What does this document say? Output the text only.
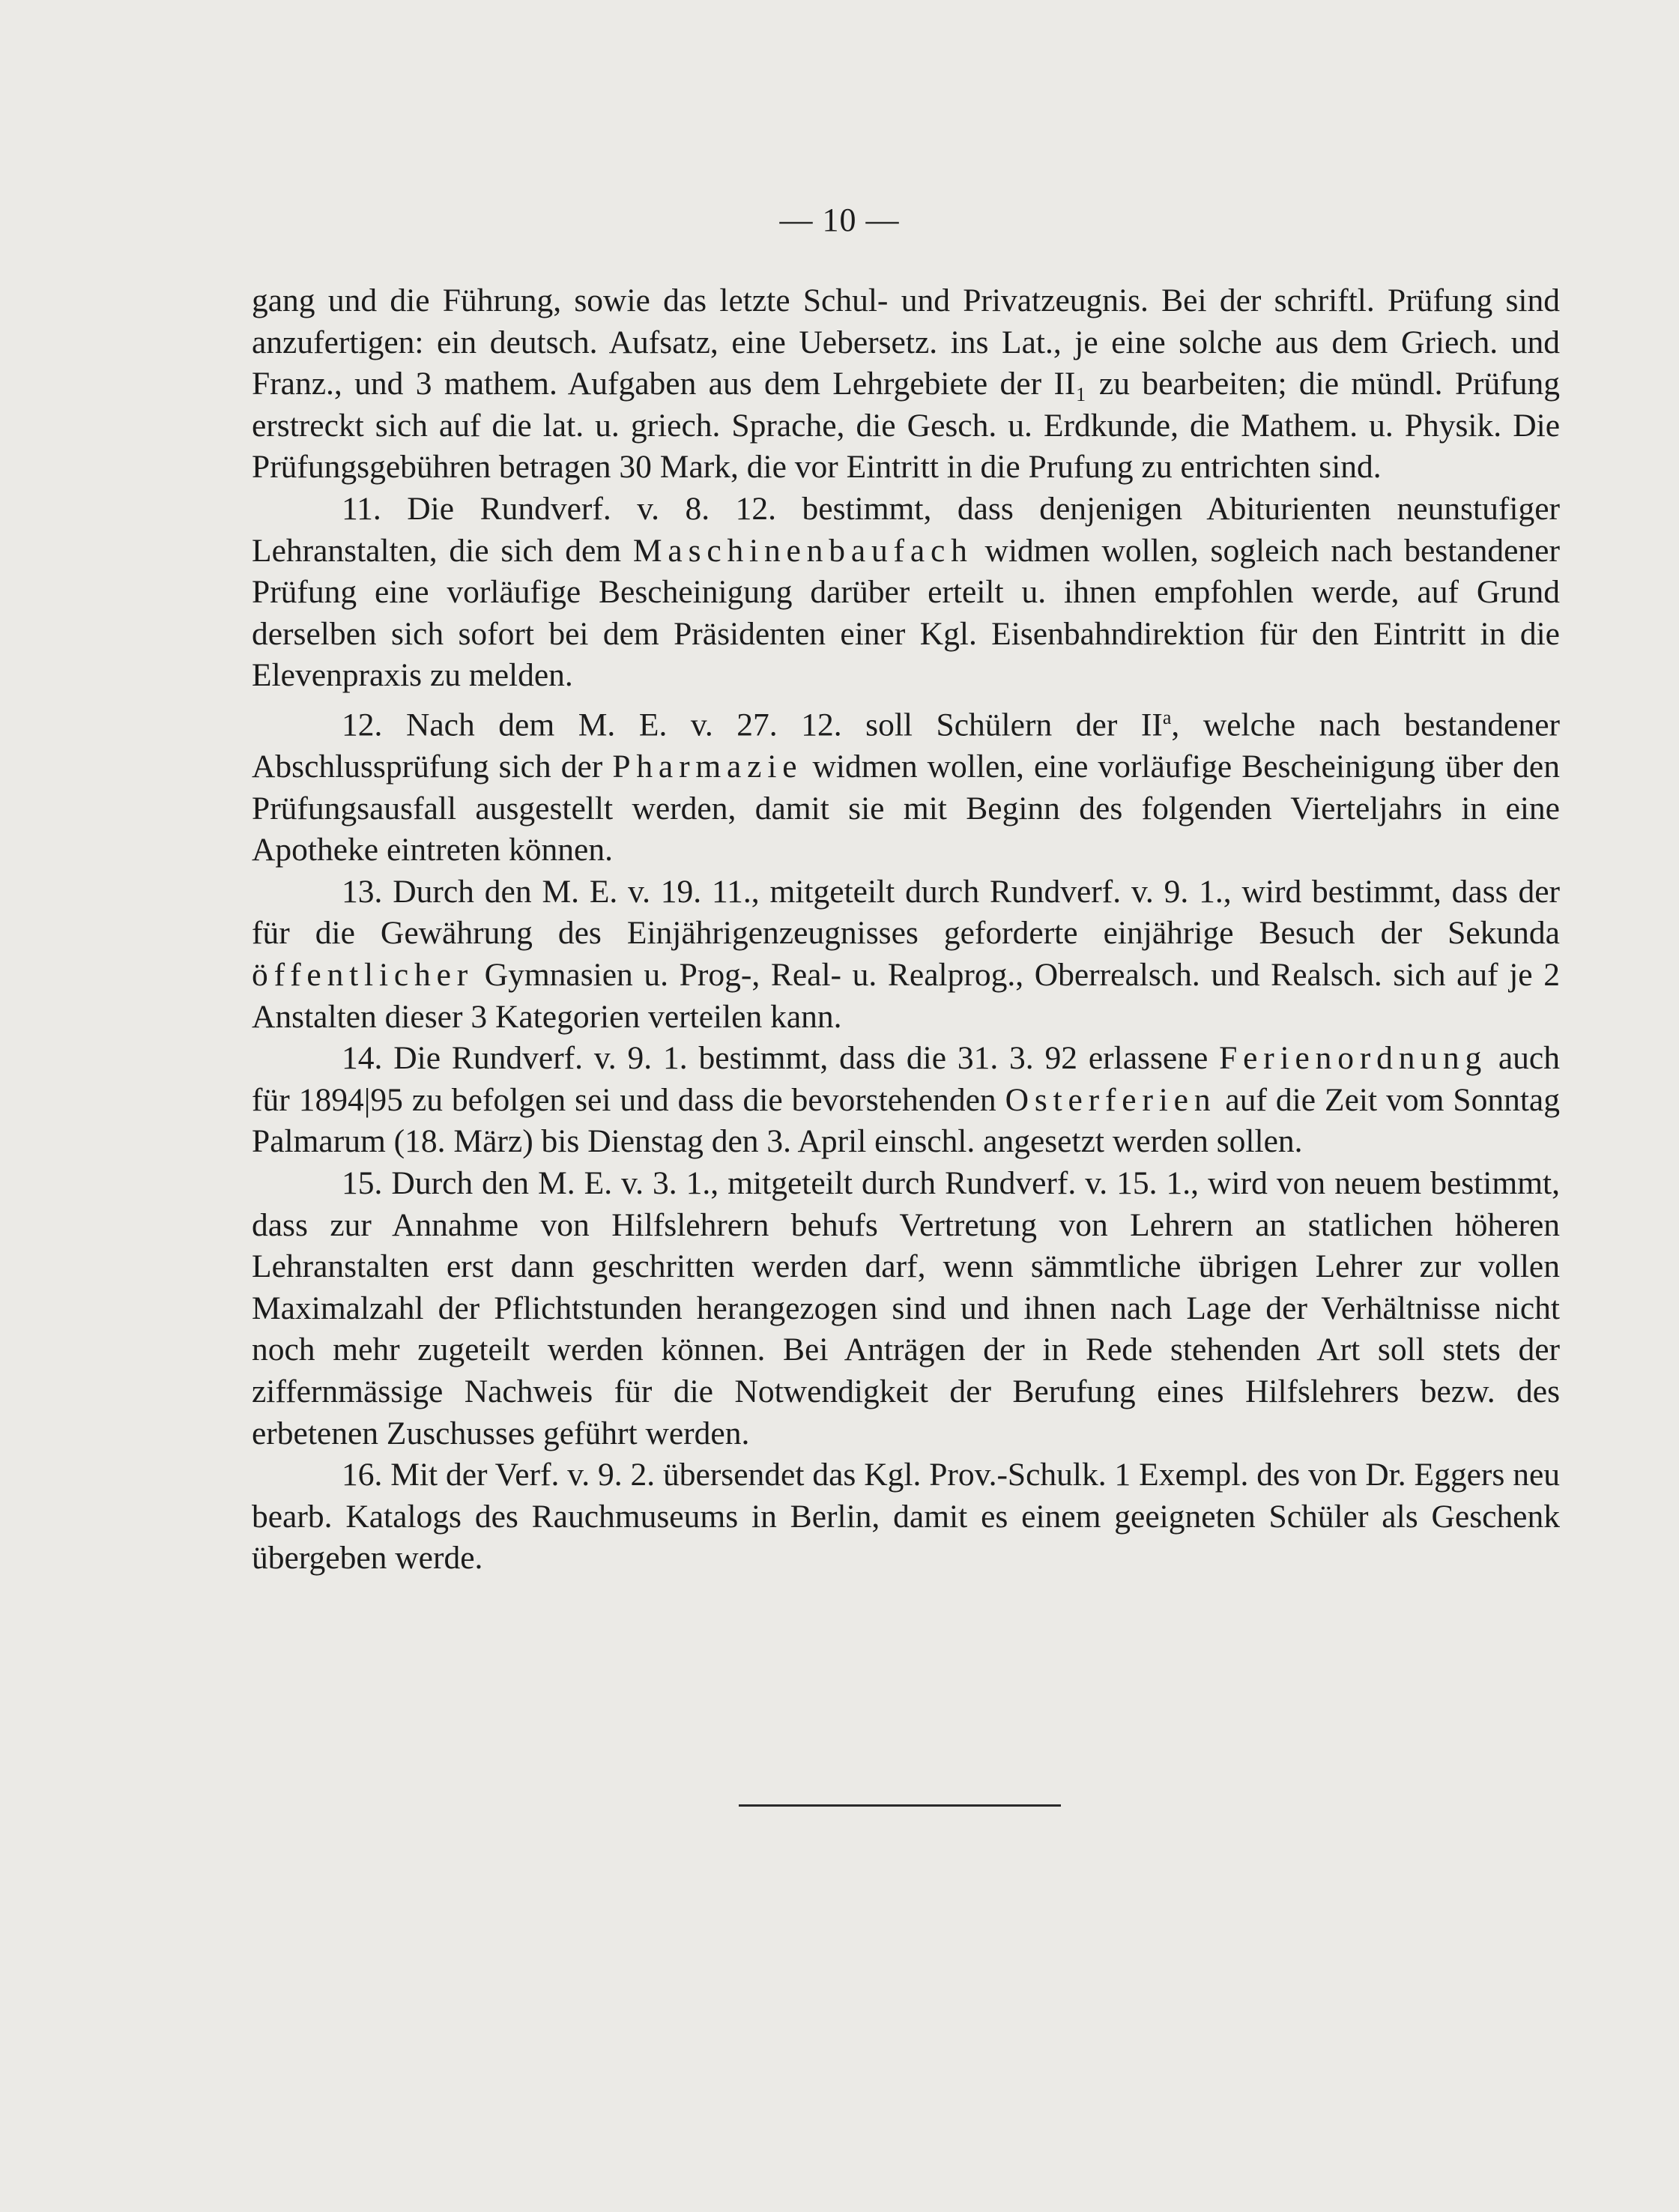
— 10 —

gang und die Führung, sowie das letzte Schul- und Privatzeugnis. Bei der schriftl. Prüfung sind anzufertigen: ein deutsch. Aufsatz, eine Uebersetz. ins Lat., je eine solche aus dem Griech. und Franz., und 3 mathem. Aufgaben aus dem Lehrgebiete der II₁ zu bearbeiten; die mündl. Prüfung erstreckt sich auf die lat. u. griech. Sprache, die Gesch. u. Erdkunde, die Mathem. u. Physik. Die Prüfungsgebühren betragen 30 Mark, die vor Eintritt in die Prufung zu entrichten sind.

11. Die Rundverf. v. 8. 12. bestimmt, dass denjenigen Abiturienten neunstufiger Lehranstalten, die sich dem Maschinenbaufach widmen wollen, sogleich nach bestandener Prüfung eine vorläufige Bescheinigung darüber erteilt u. ihnen empfohlen werde, auf Grund derselben sich sofort bei dem Präsidenten einer Kgl. Eisenbahndirektion für den Eintritt in die Elevenpraxis zu melden.

12. Nach dem M. E. v. 27. 12. soll Schülern der $II^a$, welche nach bestandener Abschlussprüfung sich der Pharmazie widmen wollen, eine vorläufige Bescheinigung über den Prüfungsausfall ausgestellt werden, damit sie mit Beginn des folgenden Vierteljahrs in eine Apotheke eintreten können.

13. Durch den M. E. v. 19. 11., mitgeteilt durch Rundverf. v. 9. 1., wird bestimmt, dass der für die Gewährung des Einjährigenzeugnisses geforderte einjährige Besuch der Sekunda öffentlicher Gymnasien u. Prog-, Real- u. Realprog., Oberrealsch. und Realsch. sich auf je 2 Anstalten dieser 3 Kategorien verteilen kann.

14. Die Rundverf. v. 9. 1. bestimmt, dass die 31. 3. 92 erlassene Ferienordnung auch für 1894|95 zu befolgen sei und dass die bevorstehenden Osterferien auf die Zeit vom Sonntag Palmarum (18. März) bis Dienstag den 3. April einschl. angesetzt werden sollen.

15. Durch den M. E. v. 3. 1., mitgeteilt durch Rundverf. v. 15. 1., wird von neuem bestimmt, dass zur Annahme von Hilfslehrern behufs Vertretung von Lehrern an statlichen höheren Lehranstalten erst dann geschritten werden darf, wenn sämmtliche übrigen Lehrer zur vollen Maximalzahl der Pflichtstunden herangezogen sind und ihnen nach Lage der Verhältnisse nicht noch mehr zugeteilt werden können. Bei Anträgen der in Rede stehenden Art soll stets der ziffernmässige Nachweis für die Notwendigkeit der Berufung eines Hilfslehrers bezw. des erbetenen Zuschusses geführt werden.

16. Mit der Verf. v. 9. 2. übersendet das Kgl. Prov.-Schulk. 1 Exempl. des von Dr. Eggers neu bearb. Katalogs des Rauchmuseums in Berlin, damit es einem geeigneten Schüler als Geschenk übergeben werde.
